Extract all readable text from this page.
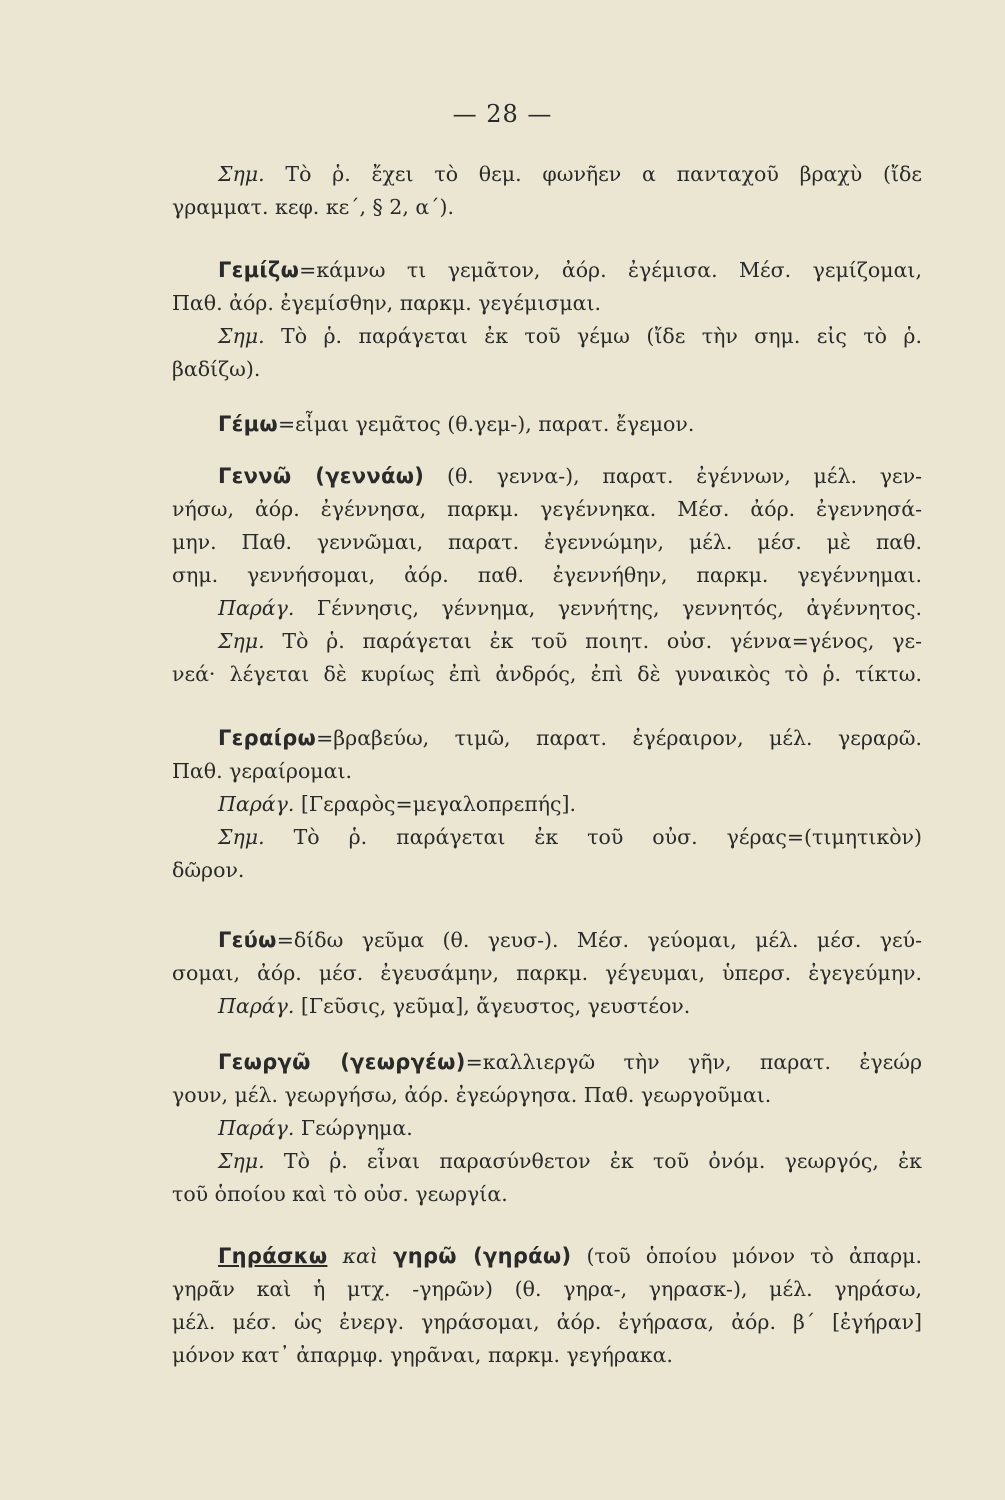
— 28 —
Σημ. Τὸ ῥ. ἔχει τὸ θεμ. φωνῆεν α πανταχοῦ βραχὺ (ἴδε
γραμματ. κεφ. κε΄, § 2, α΄).
Γεμίζω=κάμνω τι γεμᾶτον, ἀόρ. ἐγέμισα. Μέσ. γεμίζομαι,
Παθ. ἀόρ. ἐγεμίσθην, παρκμ. γεγέμισμαι.
Σημ. Τὸ ῥ. παράγεται ἐκ τοῦ γέμω (ἴδε τὴν σημ. εἰς τὸ ῥ.
βαδίζω).
Γέμω=εἶμαι γεμᾶτος (θ.γεμ-), παρατ. ἔγεμον.
Γεννῶ (γεννάω) (θ. γεννα-), παρατ. ἐγέννων, μέλ. γεν-
νήσω, ἀόρ. ἐγέννησα, παρκμ. γεγέννηκα. Μέσ. ἀόρ. ἐγεννησά-
μην. Παθ. γεννῶμαι, παρατ. ἐγεννώμην, μέλ. μέσ. μὲ παθ.
σημ. γεννήσομαι, ἀόρ. παθ. ἐγεννήθην, παρκμ. γεγέννημαι.
Παράγ. Γέννησις, γέννημα, γεννήτης, γεννητός, ἀγέννητος.
Σημ. Τὸ ῥ. παράγεται ἐκ τοῦ ποιητ. οὐσ. γέννα=γένος, γε-
νεά· λέγεται δὲ κυρίως ἐπὶ ἀνδρός, ἐπὶ δὲ γυναικὸς τὸ ῥ. τίκτω.
Γεραίρω=βραβεύω, τιμῶ, παρατ. ἐγέραιρον, μέλ. γεραρῶ.
Παθ. γεραίρομαι.
Παράγ. [Γεραρὸς=μεγαλοπρεπής].
Σημ. Τὸ ῥ. παράγεται ἐκ τοῦ οὐσ. γέρας=(τιμητικὸν)
δῶρον.
Γεύω=δίδω γεῦμα (θ. γευσ-). Μέσ. γεύομαι, μέλ. μέσ. γεύ-
σομαι, ἀόρ. μέσ. ἐγευσάμην, παρκμ. γέγευμαι, ὑπερσ. ἐγεγεύμην.
Παράγ. [Γεῦσις, γεῦμα], ἄγευστος, γευστέον.
Γεωργῶ (γεωργέω)=καλλιεργῶ τὴν γῆν, παρατ. ἐγεώρ
γουν, μέλ. γεωργήσω, ἀόρ. ἐγεώργησα. Παθ. γεωργοῦμαι.
Παράγ. Γεώργημα.
Σημ. Τὸ ῥ. εἶναι παρασύνθετον ἐκ τοῦ ὀνόμ. γεωργός, ἐκ
τοῦ ὁποίου καὶ τὸ οὐσ. γεωργία.
Γηράσκω καὶ γηρῶ (γηράω) (τοῦ ὁποίου μόνον τὸ ἀπαρμ.
γηρᾶν καὶ ἡ μτχ. -γηρῶν) (θ. γηρα-, γηρασκ-), μέλ. γηράσω,
μέλ. μέσ. ὡς ἐνεργ. γηράσομαι, ἀόρ. ἐγήρασα, ἀόρ. β΄ [ἐγήραν]
μόνον κατ᾿ ἀπαρμφ. γηρᾶναι, παρκμ. γεγήρακα.
